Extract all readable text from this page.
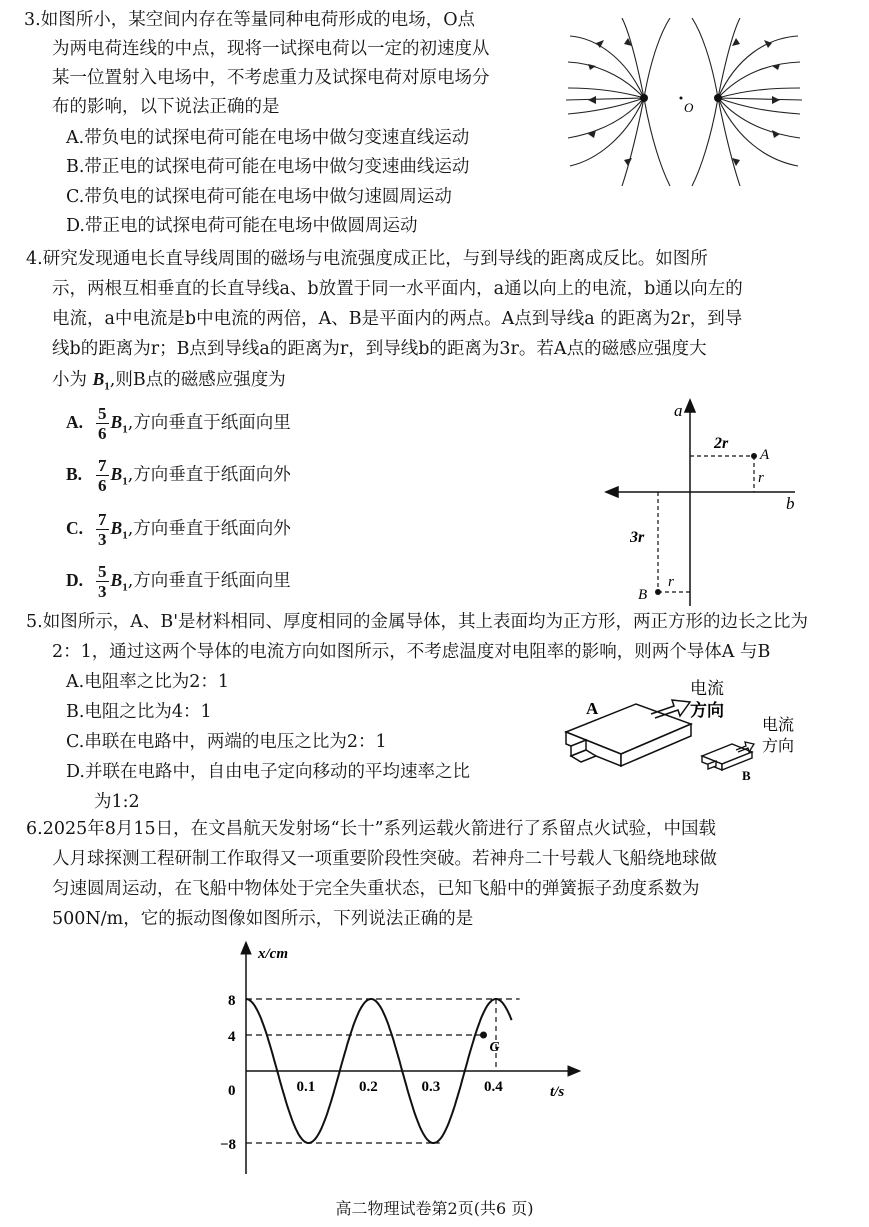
3.如图所小，某空间内存在等量同种电荷形成的电场，O点
为两电荷连线的中点，现将一试探电荷以一定的初速度从
某一位置射入电场中，不考虑重力及试探电荷对原电场分
布的影响，以下说法正确的是
A.带负电的试探电荷可能在电场中做匀变速直线运动
B.带正电的试探电荷可能在电场中做匀变速曲线运动
C.带负电的试探电荷可能在电场中做匀速圆周运动
D.带正电的试探电荷可能在电场中做圆周运动
O
4.研究发现通电长直导线周围的磁场与电流强度成正比，与到导线的距离成反比。如图所
示，两根互相垂直的长直导线a、b放置于同一水平面内，a通以向上的电流，b通以向左的
电流，a中电流是b中电流的两倍，A、B是平面内的两点。A点到导线a 的距离为2r，到导
线b的距离为r；B点到导线a的距离为r，到导线b的距离为3r。若A点的磁感应强度大
小为 $B_1$,则B点的磁感应强度为
A. $\frac{5}{6} B_1$,方向垂直于纸面向里
B. $\frac{7}{6} B_1$,方向垂直于纸面向外
C. $\frac{7}{3} B_1$,方向垂直于纸面向外
D. $\frac{5}{3} B_1$,方向垂直于纸面向里
a
b
A
B
2r
r
3r
r
5.如图所示，A、B'是材料相同、厚度相同的金属导体，其上表面均为正方形，两正方形的边长之比为
2：1，通过这两个导体的电流方向如图所示，不考虑温度对电阻率的影响，则两个导体A 与B
A.电阻率之比为2：1
B.电阻之比为4：1
C.串联在电路中，两端的电压之比为2：1
D.并联在电路中，自由电子定向移动的平均速率之比
为1:2
A
电流
方向
B
电流
方向
6.2025年8月15日，在文昌航天发射场“长十”系列运载火箭进行了系留点火试验，中国载
人月球探测工程研制工作取得又一项重要阶段性突破。若神舟二十号载人飞船绕地球做
匀速圆周运动，在飞船中物体处于完全失重状态，已知飞船中的弹簧振子劲度系数为
500N/m，它的振动图像如图所示，下列说法正确的是
x/cm
t/s
0.1	0.2	0.3	0.4
8
4
0
−8
G
高二物理试卷第2页(共6 页)
